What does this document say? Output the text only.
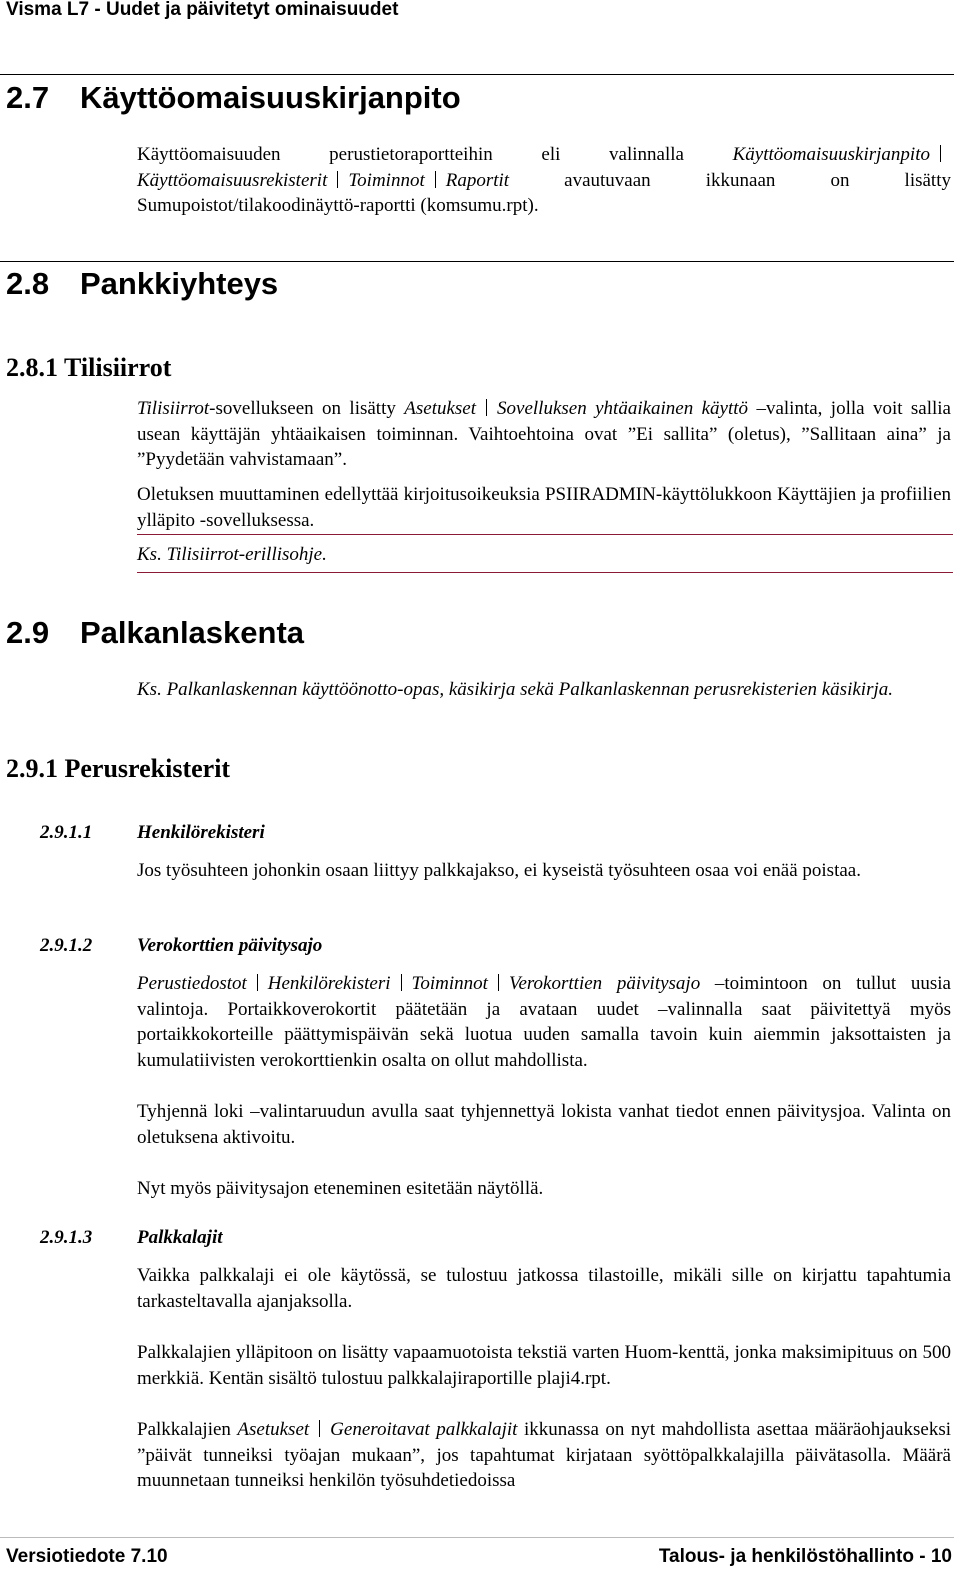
Visma L7 - Uudet ja päivitetyt ominaisuudet
2.7 Käyttöomaisuuskirjanpito
Käyttöomaisuuden perustietoraportteihin eli valinnalla KäyttöomaisuuskirjanpitoKäyttöomaisuusrekisterit Toiminnot Raportit avautuvaan ikkunaan on lisätty Sumupoistot/tilakoodinäyttö-raportti (komsumu.rpt).
2.8 Pankkiyhteys
2.8.1 Tilisiirrot
Tilisiirrot-sovellukseen on lisätty Asetukset Sovelluksen yhtäaikainen käyttö –valinta, jolla voit sallia usean käyttäjän yhtäaikaisen toiminnan. Vaihtoehtoina ovat ”Ei sallita” (oletus), ”Sallitaan aina” ja ”Pyydetään vahvistamaan”.
Oletuksen muuttaminen edellyttää kirjoitusoikeuksia PSIIRADMIN-käyttölukkoon Käyttäjien ja profiilien ylläpito -sovelluksessa.
Ks. Tilisiirrot-erillisohje.
2.9 Palkanlaskenta
Ks. Palkanlaskennan käyttöönotto-opas, käsikirja sekä Palkanlaskennan perusrekisterien käsikirja.
2.9.1 Perusrekisterit
2.9.1.1 Henkilörekisteri
Jos työsuhteen johonkin osaan liittyy palkkajakso, ei kyseistä työsuhteen osaa voi enää poistaa.
2.9.1.2 Verokorttien päivitysajo
Perustiedostot Henkilörekisteri Toiminnot Verokorttien päivitysajo –toimintoon on tullut uusia valintoja. Portaikkoverokortit päätetään ja avataan uudet –valinnalla saat päivitettyä myös portaikkokorteille päättymispäivän sekä luotua uuden samalla tavoin kuin aiemmin jaksottaisten ja kumulatiivisten verokorttienkin osalta on ollut mahdollista.
Tyhjennä loki –valintaruudun avulla saat tyhjennettyä lokista vanhat tiedot ennen päivitysjoa. Valinta on oletuksena aktivoitu.
Nyt myös päivitysajon eteneminen esitetään näytöllä.
2.9.1.3 Palkkalajit
Vaikka palkkalaji ei ole käytössä, se tulostuu jatkossa tilastoille, mikäli sille on kirjattu tapahtumia tarkasteltavalla ajanjaksolla.
Palkkalajien ylläpitoon on lisätty vapaamuotoista tekstiä varten Huom-kenttä, jonka maksimipituus on 500 merkkiä. Kentän sisältö tulostuu palkkalajiraportille plaji4.rpt.
Palkkalajien Asetukset Generoitavat palkkalajit ikkunassa on nyt mahdollista asettaa määräohjaukseksi ”päivät tunneiksi työajan mukaan”, jos tapahtumat kirjataan syöttöpalkkalajilla päivätasolla. Määrä muunnetaan tunneiksi henkilön työsuhdetiedoissa
Versiotiedote 7.10	Talous- ja henkilöstöhallinto - 10
